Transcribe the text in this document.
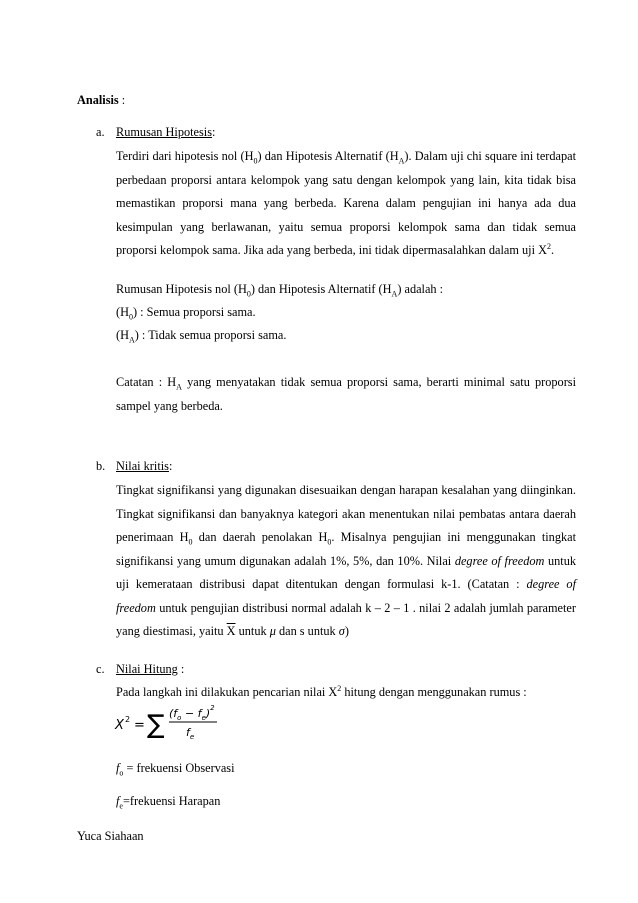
Analisis :
a. Rumusan Hipotesis:
Terdiri dari hipotesis nol $(H_0)$ dan Hipotesis Alternatif $(H_A)$. Dalam uji chi square ini terdapat perbedaan proporsi antara kelompok yang satu dengan kelompok yang lain, kita tidak bisa memastikan proporsi mana yang berbeda. Karena dalam pengujian ini hanya ada dua kesimpulan yang berlawanan, yaitu semua proporsi kelompok sama dan tidak semua proporsi kelompok sama. Jika ada yang berbeda, ini tidak dipermasalahkan dalam uji $X^2$.
Rumusan Hipotesis nol $(H_0)$ dan Hipotesis Alternatif $(H_A)$ adalah :
$(H_0)$ : Semua proporsi sama.
$(H_A)$ : Tidak semua proporsi sama.
Catatan : $H_A$ yang menyatakan tidak semua proporsi sama, berarti minimal satu proporsi sampel yang berbeda.
b. Nilai kritis:
Tingkat signifikansi yang digunakan disesuaikan dengan harapan kesalahan yang diinginkan. Tingkat signifikansi dan banyaknya kategori akan menentukan nilai pembatas antara daerah penerimaan $H_0$ dan daerah penolakan $H_0$. Misalnya pengujian ini menggunakan tingkat signifikansi yang umum digunakan adalah 1%, 5%, dan 10%. Nilai degree of freedom untuk uji kemerataan distribusi dapat ditentukan dengan formulasi k-1. (Catatan : degree of freedom untuk pengujian distribusi normal adalah k – 2 – 1 . nilai 2 adalah jumlah parameter yang diestimasi, yaitu $\overline{X}$ untuk μ dan s untuk σ)
c. Nilai Hitung :
Pada langkah ini dilakukan pencarian nilai $X^2$ hitung dengan menggunakan rumus :
X 2 = ∑ $(f_o - f_e)^2$
$f_e$
$f_o$ = frekuensi Observasi
$f_e=frekuensi$ Harapan
Yuca Siahaan
